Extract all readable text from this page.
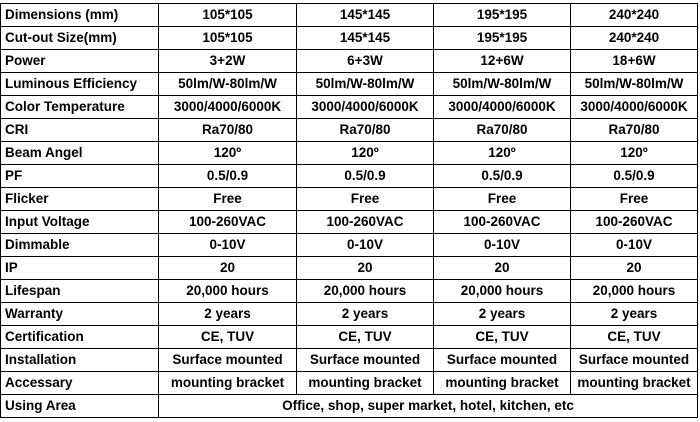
Dimensions (mm)	105*105	145*145	195*195	240*240
Cut-out Size(mm)	105*105	145*145	195*195	240*240
Power	3+2W	6+3W	12+6W	18+6W
Luminous Efficiency	50lm/W-80lm/W	50lm/W-80lm/W	50lm/W-80lm/W	50lm/W-80lm/W
Color Temperature	3000/4000/6000K	3000/4000/6000K	3000/4000/6000K	3000/4000/6000K
CRI	Ra70/80	Ra70/80	Ra70/80	Ra70/80
Beam Angel	120º	120º	120º	120º
PF	0.5/0.9	0.5/0.9	0.5/0.9	0.5/0.9
Flicker	Free	Free	Free	Free
Input Voltage	100-260VAC	100-260VAC	100-260VAC	100-260VAC
Dimmable	0-10V	0-10V	0-10V	0-10V
IP	20	20	20	20
Lifespan	20,000 hours	20,000 hours	20,000 hours	20,000 hours
Warranty	2 years	2 years	2 years	2 years
Certification	CE, TUV	CE, TUV	CE, TUV	CE, TUV
Installation	Surface mounted	Surface mounted	Surface mounted	Surface mounted
Accessary	mounting bracket	mounting bracket	mounting bracket	mounting bracket
Using Area	Office, shop, super market, hotel, kitchen, etc			
